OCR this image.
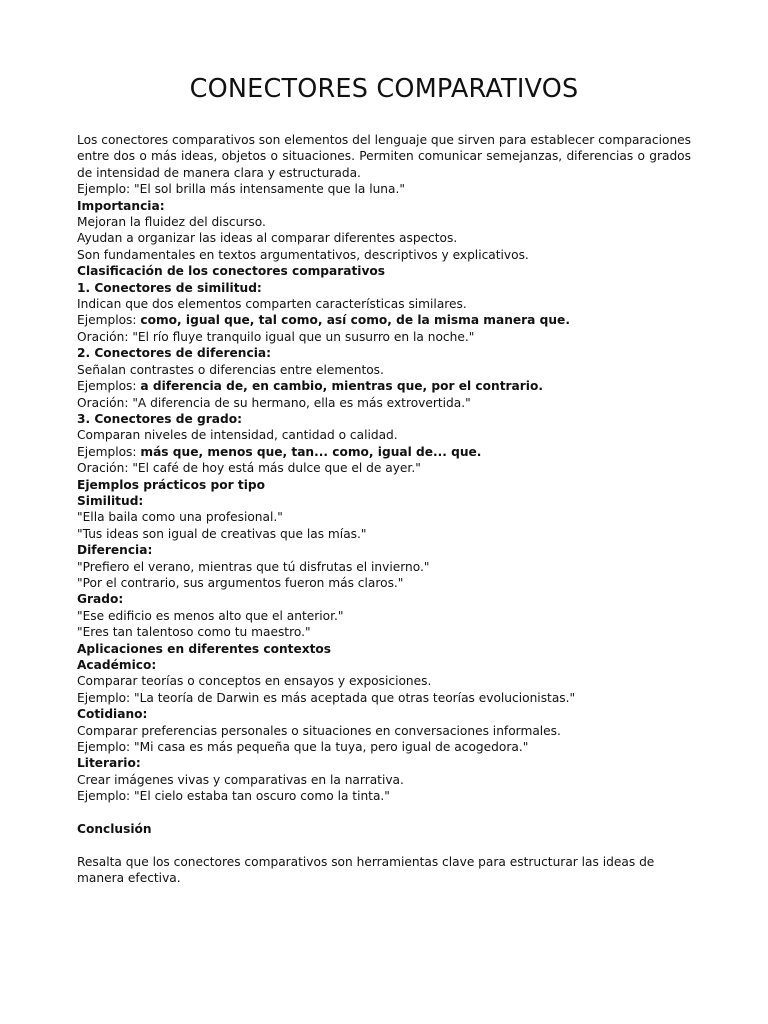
CONECTORES COMPARATIVOS

Los conectores comparativos son elementos del lenguaje que sirven para establecer comparaciones entre dos o más ideas, objetos o situaciones. Permiten comunicar semejanzas, diferencias o grados de intensidad de manera clara y estructurada.

Ejemplo: "El sol brilla más intensamente que la luna."

Importancia:

Mejoran la fluidez del discurso.

Ayudan a organizar las ideas al comparar diferentes aspectos.

Son fundamentales en textos argumentativos, descriptivos y explicativos.

Clasificación de los conectores comparativos

1. Conectores de similitud:

Indican que dos elementos comparten características similares.

Ejemplos: como, igual que, tal como, así como, de la misma manera que.

Oración: "El río fluye tranquilo igual que un susurro en la noche."

2. Conectores de diferencia:

Señalan contrastes o diferencias entre elementos.

Ejemplos: a diferencia de, en cambio, mientras que, por el contrario.

Oración: "A diferencia de su hermano, ella es más extrovertida."

3. Conectores de grado:

Comparan niveles de intensidad, cantidad o calidad.

Ejemplos: más que, menos que, tan... como, igual de... que.

Oración: "El café de hoy está más dulce que el de ayer."

Ejemplos prácticos por tipo

Similitud:

"Ella baila como una profesional."

"Tus ideas son igual de creativas que las mías."

Diferencia:

"Prefiero el verano, mientras que tú disfrutas el invierno."

"Por el contrario, sus argumentos fueron más claros."

Grado:

"Ese edificio es menos alto que el anterior."

"Eres tan talentoso como tu maestro."

Aplicaciones en diferentes contextos

Académico:

Comparar teorías o conceptos en ensayos y exposiciones.

Ejemplo: "La teoría de Darwin es más aceptada que otras teorías evolucionistas."

Cotidiano:

Comparar preferencias personales o situaciones en conversaciones informales.

Ejemplo: "Mi casa es más pequeña que la tuya, pero igual de acogedora."

Literario:

Crear imágenes vivas y comparativas en la narrativa.

Ejemplo: "El cielo estaba tan oscuro como la tinta."

Conclusión

Resalta que los conectores comparativos son herramientas clave para estructurar las ideas de manera efectiva.
